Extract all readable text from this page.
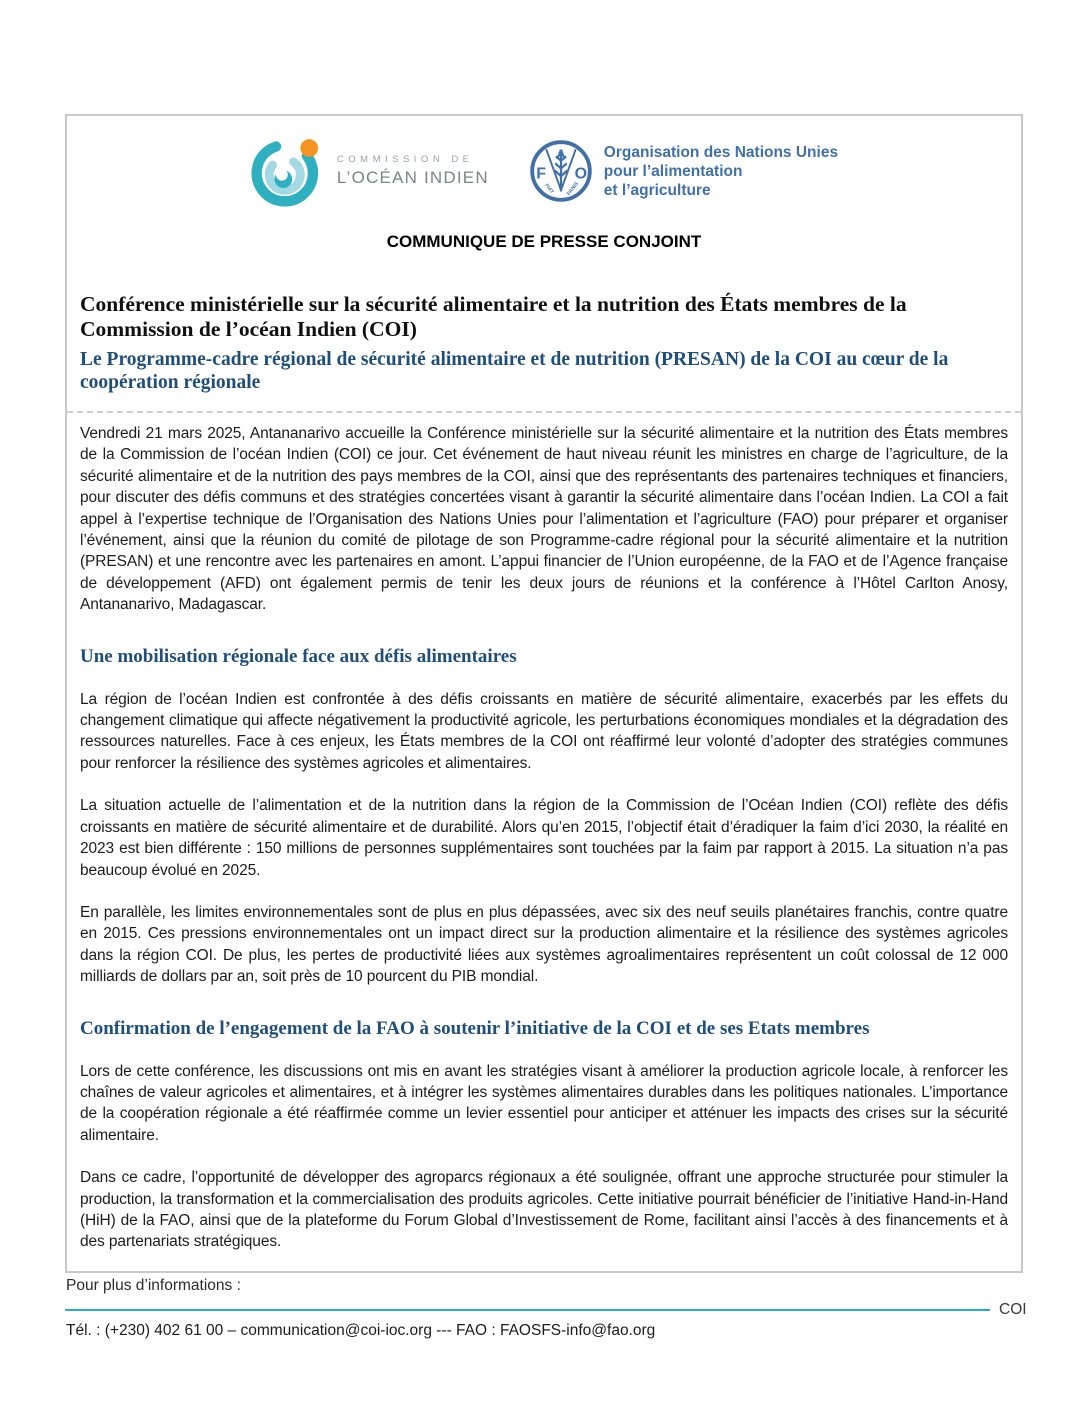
COMMISSION DE
L’OCÉAN INDIEN F
A
O
FIAT PANIS
Organisation des Nations Unies
pour l’alimentation
et l’agriculture
COMMUNIQUE DE PRESSE CONJOINT
Conférence ministérielle sur la sécurité alimentaire et la nutrition des États membres de la Commission de l’océan Indien (COI)
Le Programme-cadre régional de sécurité alimentaire et de nutrition (PRESAN) de la COI au cœur de la coopération régionale

Vendredi 21 mars 2025, Antananarivo accueille la Conférence ministérielle sur la sécurité alimentaire et la nutrition des États membres de la Commission de l’océan Indien (COI) ce jour. Cet événement de haut niveau réunit les ministres en charge de l’agriculture, de la sécurité alimentaire et de la nutrition des pays membres de la COI, ainsi que des représentants des partenaires techniques et financiers, pour discuter des défis communs et des stratégies concertées visant à garantir la sécurité alimentaire dans l’océan Indien. La COI a fait appel à l’expertise technique de l’Organisation des Nations Unies pour l’alimentation et l’agriculture (FAO) pour préparer et organiser l’événement, ainsi que la réunion du comité de pilotage de son Programme-cadre régional pour la sécurité alimentaire et la nutrition (PRESAN) et une rencontre avec les partenaires en amont. L’appui financier de l’Union européenne, de la FAO et de l’Agence française de développement (AFD) ont également permis de tenir les deux jours de réunions et la conférence à l’Hôtel Carlton Anosy, Antananarivo, Madagascar.

Une mobilisation régionale face aux défis alimentaires

La région de l’océan Indien est confrontée à des défis croissants en matière de sécurité alimentaire, exacerbés par les effets du changement climatique qui affecte négativement la productivité agricole, les perturbations économiques mondiales et la dégradation des ressources naturelles. Face à ces enjeux, les États membres de la COI ont réaffirmé leur volonté d’adopter des stratégies communes pour renforcer la résilience des systèmes agricoles et alimentaires.

La situation actuelle de l’alimentation et de la nutrition dans la région de la Commission de l’Océan Indien (COI) reflète des défis croissants en matière de sécurité alimentaire et de durabilité. Alors qu’en 2015, l’objectif était d’éradiquer la faim d’ici 2030, la réalité en 2023 est bien différente : 150 millions de personnes supplémentaires sont touchées par la faim par rapport à 2015. La situation n’a pas beaucoup évolué en 2025.

En parallèle, les limites environnementales sont de plus en plus dépassées, avec six des neuf seuils planétaires franchis, contre quatre en 2015. Ces pressions environnementales ont un impact direct sur la production alimentaire et la résilience des systèmes agricoles dans la région COI. De plus, les pertes de productivité liées aux systèmes agroalimentaires représentent un coût colossal de 12 000 milliards de dollars par an, soit près de 10 pourcent du PIB mondial.

Confirmation de l’engagement de la FAO à soutenir l’initiative de la COI et de ses Etats membres

Lors de cette conférence, les discussions ont mis en avant les stratégies visant à améliorer la production agricole locale, à renforcer les chaînes de valeur agricoles et alimentaires, et à intégrer les systèmes alimentaires durables dans les politiques nationales. L’importance de la coopération régionale a été réaffirmée comme un levier essentiel pour anticiper et atténuer les impacts des crises sur la sécurité alimentaire.

Dans ce cadre, l’opportunité de développer des agroparcs régionaux a été soulignée, offrant une approche structurée pour stimuler la production, la transformation et la commercialisation des produits agricoles. Cette initiative pourrait bénéficier de l’initiative Hand-in-Hand (HiH) de la FAO, ainsi que de la plateforme du Forum Global d’Investissement de Rome, facilitant ainsi l’accès à des financements et à des partenariats stratégiques.

Pour plus d’informations :
COI
Tél. : (+230) 402 61 00 – communication@coi-ioc.org --- FAO : FAOSFS-info@fao.org
